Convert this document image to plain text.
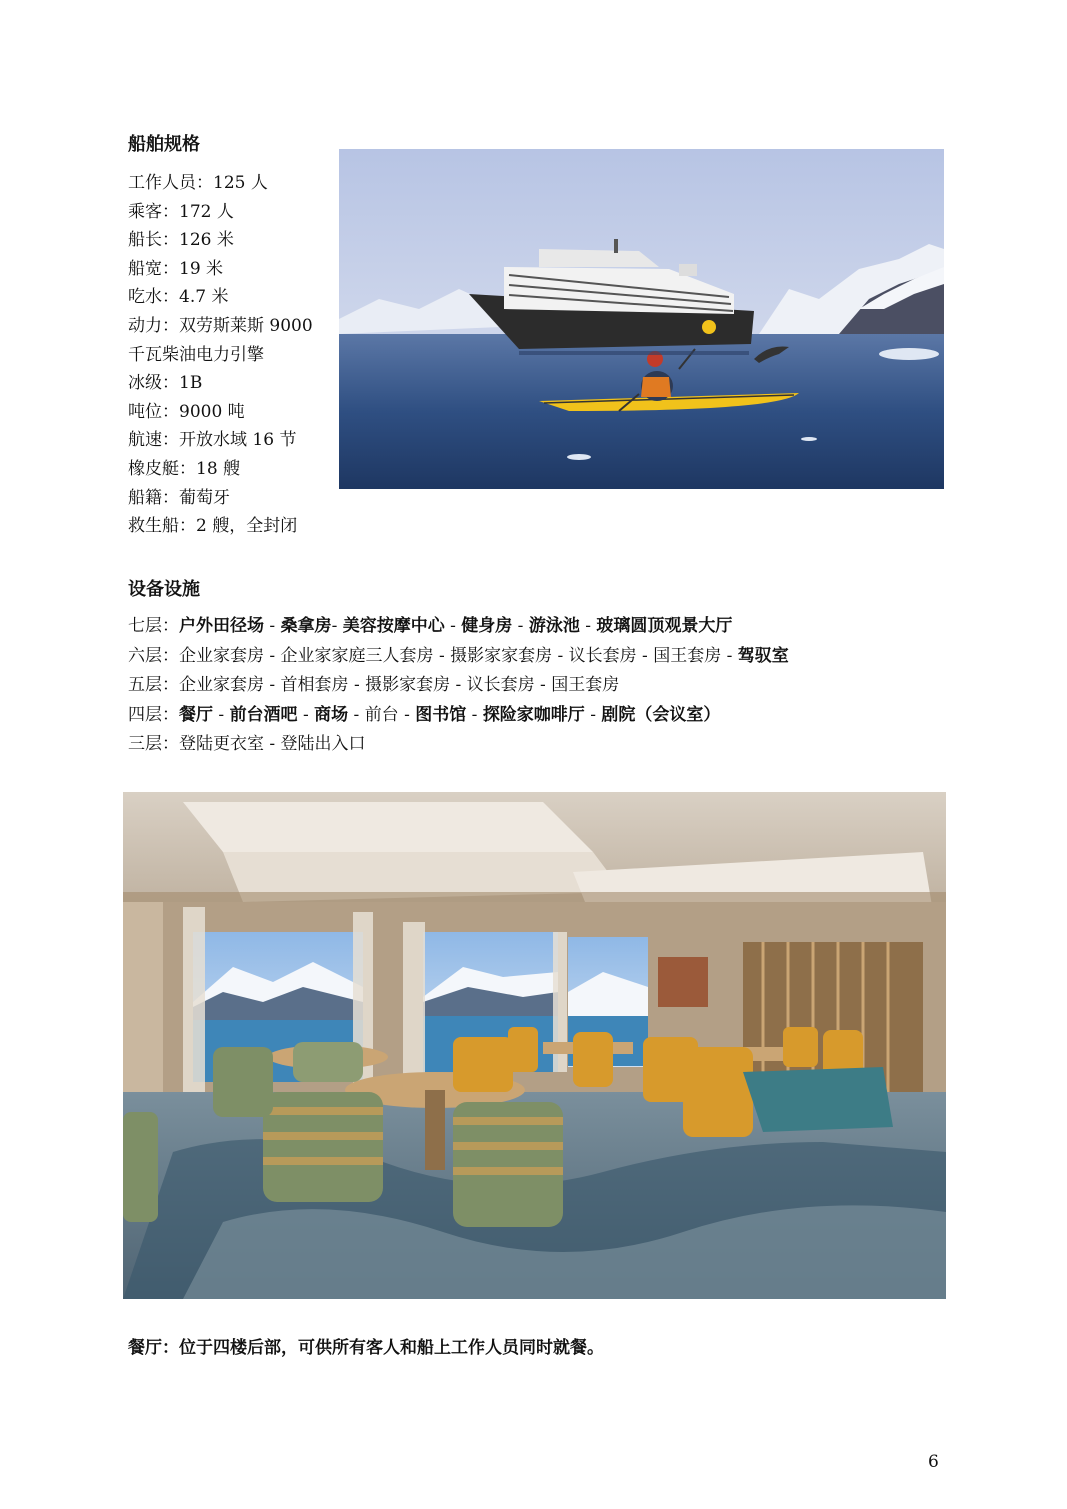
船舶规格
工作人员：125 人
乘客：172 人
船长：126 米
船宽：19 米
吃水：4.7 米
动力：双劳斯莱斯 9000
千瓦柴油电力引擎
冰级：1B
吨位：9000 吨
航速：开放水域 16 节
橡皮艇：18 艘
船籍：葡萄牙
救生船：2 艘，全封闭
设备设施
七层：户外田径场 - 桑拿房- 美容按摩中心 - 健身房 - 游泳池 - 玻璃圆顶观景大厅
六层：企业家套房 - 企业家家庭三人套房 - 摄影家家套房 - 议长套房 - 国王套房 - 驾驭室
五层：企业家套房 - 首相套房 - 摄影家套房 - 议长套房 - 国王套房
四层：餐厅 - 前台酒吧 - 商场 - 前台 - 图书馆 - 探险家咖啡厅 - 剧院（会议室）
三层：登陆更衣室 - 登陆出入口

餐厅：位于四楼后部，可供所有客人和船上工作人员同时就餐。

6
